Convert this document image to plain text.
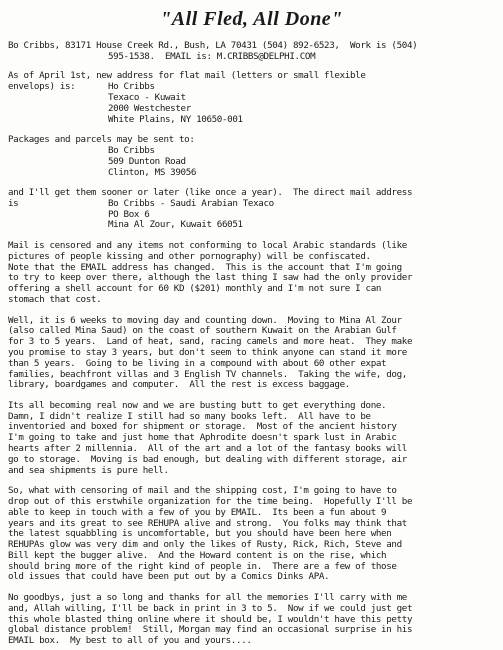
"All Fled, All Done"
Bo Cribbs, 83171 House Creek Rd., Bush, LA 70431 (504) 892-6523,  Work is (504)
595-1538.  EMAIL is: M.CRIBBS@DELPHI.COM
As of April 1st, new address for flat mail (letters or small flexible
envelops) is:	Ho Cribbs
Texaco - Kuwait
2000 Westchester
White Plains, NY 10650-001
Packages and parcels may be sent to:
Bo Cribbs
509 Dunton Road
Clinton, MS 39056
and I'll get them sooner or later (like once a year).  The direct mail address
is	Bo Cribbs - Saudi Arabian Texaco
PO Box 6
Mina Al Zour, Kuwait 66051
Mail is censored and any items not conforming to local Arabic standards (like
pictures of people kissing and other pornography) will be confiscated.
Note that the EMAIL address has changed.  This is the account that I'm going
to try to keep over there, although the last thing I saw had the only provider
offering a shell account for 60 KD ($201) monthly and I'm not sure I can
stomach that cost.
Well, it is 6 weeks to moving day and counting down.  Moving to Mina Al Zour
(also called Mina Saud) on the coast of southern Kuwait on the Arabian Gulf
for 3 to 5 years.  Land of heat, sand, racing camels and more heat.  They make
you promise to stay 3 years, but don't seem to think anyone can stand it more
than 5 years.  Going to be living in a compound with about 60 other expat
families, beachfront villas and 3 English TV channels.  Taking the wife, dog,
library, boardgames and computer.  All the rest is excess baggage.
Its all becoming real now and we are busting butt to get everything done.
Damn, I didn't realize I still had so many books left.  All have to be
inventoried and boxed for shipment or storage.  Most of the ancient history
I'm going to take and just home that Aphrodite doesn't spark lust in Arabic
hearts after 2 millennia.  All of the art and a lot of the fantasy books will
go to storage.  Moving is bad enough, but dealing with different storage, air
and sea shipments is pure hell.
So, what with censoring of mail and the shipping cost, I'm going to have to
drop out of this erstwhile organization for the time being.  Hopefully I'll be
able to keep in touch with a few of you by EMAIL.  Its been a fun about 9
years and its great to see REHUPA alive and strong.  You folks may think that
the latest squabbling is uncomfortable, but you should have been here when
REHUPAs glow was very dim and only the likes of Rusty, Rick, Rich, Steve and
Bill kept the bugger alive.  And the Howard content is on the rise, which
should bring more of the right kind of people in.  There are a few of those
old issues that could have been put out by a Comics Dinks APA.
No goodbys, just a so long and thanks for all the memories I'll carry with me
and, Allah willing, I'll be back in print in 3 to 5.  Now if we could just get
this whole blasted thing online where it should be, I wouldn't have this petty
global distance problem!  Still, Morgan may find an occasional surprise in his
EMAIL box.  My best to all of you and yours....
